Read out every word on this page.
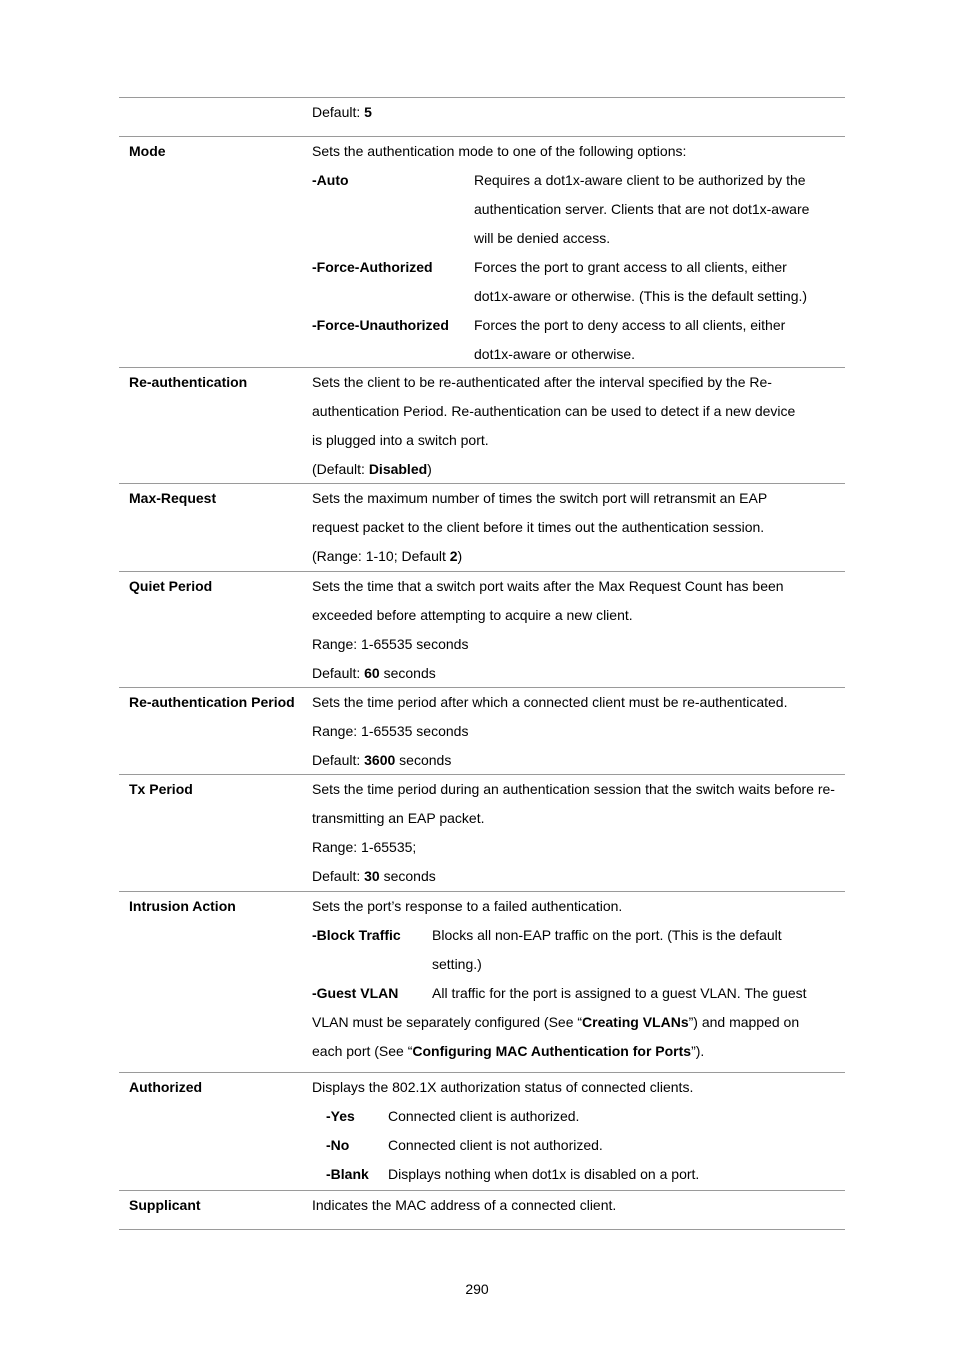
Default: 5
Mode	Sets the authentication mode to one of the following options:
-Auto	Requires a dot1x-aware client to be authorized by the authentication server. Clients that are not dot1x-aware will be denied access.
-Force-Authorized	Forces the port to grant access to all clients, either dot1x-aware or otherwise. (This is the default setting.)
-Force-Unauthorized	Forces the port to deny access to all clients, either dot1x-aware or otherwise.
Re-authentication	Sets the client to be re-authenticated after the interval specified by the Re-authentication Period. Re-authentication can be used to detect if a new device is plugged into a switch port.
(Default: Disabled)
Max-Request	Sets the maximum number of times the switch port will retransmit an EAP request packet to the client before it times out the authentication session.
(Range: 1-10; Default 2)
Quiet Period	Sets the time that a switch port waits after the Max Request Count has been exceeded before attempting to acquire a new client.
Range: 1-65535 seconds
Default: 60 seconds
Re-authentication Period	Sets the time period after which a connected client must be re-authenticated.
Range: 1-65535 seconds
Default: 3600 seconds
Tx Period	Sets the time period during an authentication session that the switch waits before re-transmitting an EAP packet.
Range: 1-65535;
Default: 30 seconds
Intrusion Action	Sets the port’s response to a failed authentication.
-Block Traffic	Blocks all non-EAP traffic on the port. (This is the default setting.)
-Guest VLAN All traffic for the port is assigned to a guest VLAN. The guest VLAN must be separately configured (See “Creating VLANs”) and mapped on each port (See “Configuring MAC Authentication for Ports”).
Authorized	Displays the 802.1X authorization status of connected clients.
-Yes	Connected client is authorized.
-No	Connected client is not authorized.
-Blank	Displays nothing when dot1x is disabled on a port.
Supplicant	Indicates the MAC address of a connected client.
290
